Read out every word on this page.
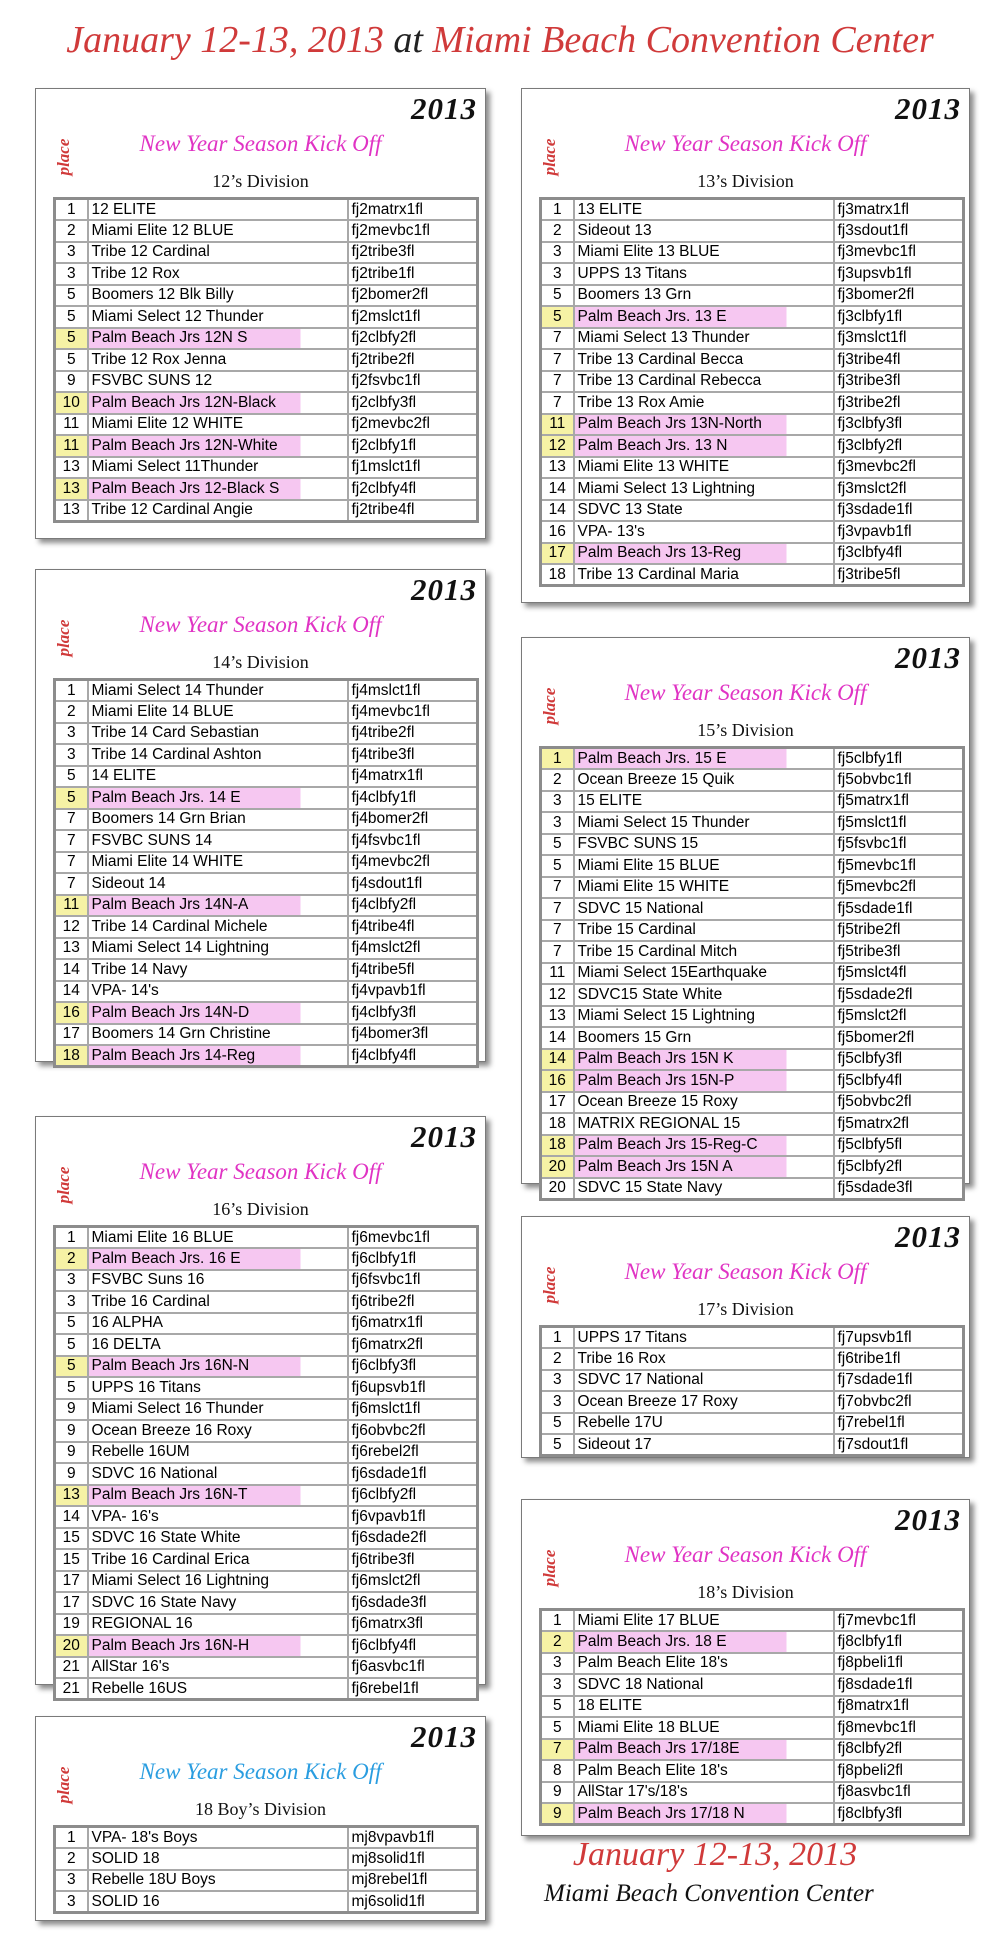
January 12-13, 2013 at Miami Beach Convention Center
2013
place	New Year Season Kick Off
12’s Division
1	12 ELITE	fj2matrx1fl
2	Miami Elite 12 BLUE	fj2mevbc1fl
3	Tribe 12 Cardinal	fj2tribe3fl
3	Tribe 12 Rox	fj2tribe1fl
5	Boomers 12 Blk Billy	fj2bomer2fl
5	Miami Select 12 Thunder	fj2mslct1fl
5	Palm Beach Jrs 12N S	fj2clbfy2fl
5	Tribe 12 Rox Jenna	fj2tribe2fl
9	FSVBC SUNS 12	fj2fsvbc1fl
10	Palm Beach Jrs 12N-Black	fj2clbfy3fl
11	Miami Elite 12 WHITE	fj2mevbc2fl
11	Palm Beach Jrs 12N-White	fj2clbfy1fl
13	Miami Select 11Thunder	fj1mslct1fl
13	Palm Beach Jrs 12-Black S	fj2clbfy4fl
13	Tribe 12 Cardinal Angie	fj2tribe4fl
2013
place	New Year Season Kick Off
13’s Division
1	13 ELITE	fj3matrx1fl
2	Sideout 13	fj3sdout1fl
3	Miami Elite 13 BLUE	fj3mevbc1fl
3	UPPS 13 Titans	fj3upsvb1fl
5	Boomers 13 Grn	fj3bomer2fl
5	Palm Beach Jrs. 13 E	fj3clbfy1fl
7	Miami Select 13 Thunder	fj3mslct1fl
7	Tribe 13 Cardinal Becca	fj3tribe4fl
7	Tribe 13 Cardinal Rebecca	fj3tribe3fl
7	Tribe 13 Rox Amie	fj3tribe2fl
11	Palm Beach Jrs 13N-North	fj3clbfy3fl
12	Palm Beach Jrs. 13 N	fj3clbfy2fl
13	Miami Elite 13 WHITE	fj3mevbc2fl
14	Miami Select 13 Lightning	fj3mslct2fl
14	SDVC 13 State	fj3sdade1fl
16	VPA- 13's	fj3vpavb1fl
17	Palm Beach Jrs 13-Reg	fj3clbfy4fl
18	Tribe 13 Cardinal Maria	fj3tribe5fl
2013
place	New Year Season Kick Off
14’s Division
1	Miami Select 14 Thunder	fj4mslct1fl
2	Miami Elite 14 BLUE	fj4mevbc1fl
3	Tribe 14 Card Sebastian	fj4tribe2fl
3	Tribe 14 Cardinal Ashton	fj4tribe3fl
5	14 ELITE	fj4matrx1fl
5	Palm Beach Jrs. 14 E	fj4clbfy1fl
7	Boomers 14 Grn Brian	fj4bomer2fl
7	FSVBC SUNS 14	fj4fsvbc1fl
7	Miami Elite 14 WHITE	fj4mevbc2fl
7	Sideout 14	fj4sdout1fl
11	Palm Beach Jrs 14N-A	fj4clbfy2fl
12	Tribe 14 Cardinal Michele	fj4tribe4fl
13	Miami Select 14 Lightning	fj4mslct2fl
14	Tribe 14 Navy	fj4tribe5fl
14	VPA- 14's	fj4vpavb1fl
16	Palm Beach Jrs 14N-D	fj4clbfy3fl
17	Boomers 14 Grn Christine	fj4bomer3fl
18	Palm Beach Jrs 14-Reg	fj4clbfy4fl
2013
place	New Year Season Kick Off
15’s Division
1	Palm Beach Jrs. 15 E	fj5clbfy1fl
2	Ocean Breeze 15 Quik	fj5obvbc1fl
3	15 ELITE	fj5matrx1fl
3	Miami Select 15 Thunder	fj5mslct1fl
5	FSVBC SUNS 15	fj5fsvbc1fl
5	Miami Elite 15 BLUE	fj5mevbc1fl
7	Miami Elite 15 WHITE	fj5mevbc2fl
7	SDVC 15 National	fj5sdade1fl
7	Tribe 15 Cardinal	fj5tribe2fl
7	Tribe 15 Cardinal Mitch	fj5tribe3fl
11	Miami Select 15Earthquake	fj5mslct4fl
12	SDVC15 State White	fj5sdade2fl
13	Miami Select 15 Lightning	fj5mslct2fl
14	Boomers 15 Grn	fj5bomer2fl
14	Palm Beach Jrs 15N K	fj5clbfy3fl
16	Palm Beach Jrs 15N-P	fj5clbfy4fl
17	Ocean Breeze 15 Roxy	fj5obvbc2fl
18	MATRIX REGIONAL 15	fj5matrx2fl
18	Palm Beach Jrs 15-Reg-C	fj5clbfy5fl
20	Palm Beach Jrs 15N A	fj5clbfy2fl
20	SDVC 15 State Navy	fj5sdade3fl
2013
place	New Year Season Kick Off
16’s Division
1	Miami Elite 16 BLUE	fj6mevbc1fl
2	Palm Beach Jrs. 16 E	fj6clbfy1fl
3	FSVBC Suns 16	fj6fsvbc1fl
3	Tribe 16 Cardinal	fj6tribe2fl
5	16 ALPHA	fj6matrx1fl
5	16 DELTA	fj6matrx2fl
5	Palm Beach Jrs 16N-N	fj6clbfy3fl
5	UPPS 16 Titans	fj6upsvb1fl
9	Miami Select 16 Thunder	fj6mslct1fl
9	Ocean Breeze 16 Roxy	fj6obvbc2fl
9	Rebelle 16UM	fj6rebel2fl
9	SDVC 16 National	fj6sdade1fl
13	Palm Beach Jrs 16N-T	fj6clbfy2fl
14	VPA- 16's	fj6vpavb1fl
15	SDVC 16 State White	fj6sdade2fl
15	Tribe 16 Cardinal Erica	fj6tribe3fl
17	Miami Select 16 Lightning	fj6mslct2fl
17	SDVC 16 State Navy	fj6sdade3fl
19	REGIONAL 16	fj6matrx3fl
20	Palm Beach Jrs 16N-H	fj6clbfy4fl
21	AllStar 16's	fj6asvbc1fl
21	Rebelle 16US	fj6rebel1fl
2013
place	New Year Season Kick Off
17’s Division
1	UPPS 17 Titans	fj7upsvb1fl
2	Tribe 16 Rox	fj6tribe1fl
3	SDVC 17 National	fj7sdade1fl
3	Ocean Breeze 17 Roxy	fj7obvbc2fl
5	Rebelle 17U	fj7rebel1fl
5	Sideout 17	fj7sdout1fl
2013
place	New Year Season Kick Off
18’s Division
1	Miami Elite 17 BLUE	fj7mevbc1fl
2	Palm Beach Jrs. 18 E	fj8clbfy1fl
3	Palm Beach Elite 18's	fj8pbeli1fl
3	SDVC 18 National	fj8sdade1fl
5	18 ELITE	fj8matrx1fl
5	Miami Elite 18 BLUE	fj8mevbc1fl
7	Palm Beach Jrs 17/18E	fj8clbfy2fl
8	Palm Beach Elite 18's	fj8pbeli2fl
9	AllStar 17's/18's	fj8asvbc1fl
9	Palm Beach Jrs 17/18 N	fj8clbfy3fl
2013
place	New Year Season Kick Off
18 Boy’s Division
1	VPA- 18's Boys	mj8vpavb1fl
2	SOLID 18	mj8solid1fl
3	Rebelle 18U Boys	mj8rebel1fl
3	SOLID 16	mj6solid1fl
January 12-13, 2013
Miami Beach Convention Center
